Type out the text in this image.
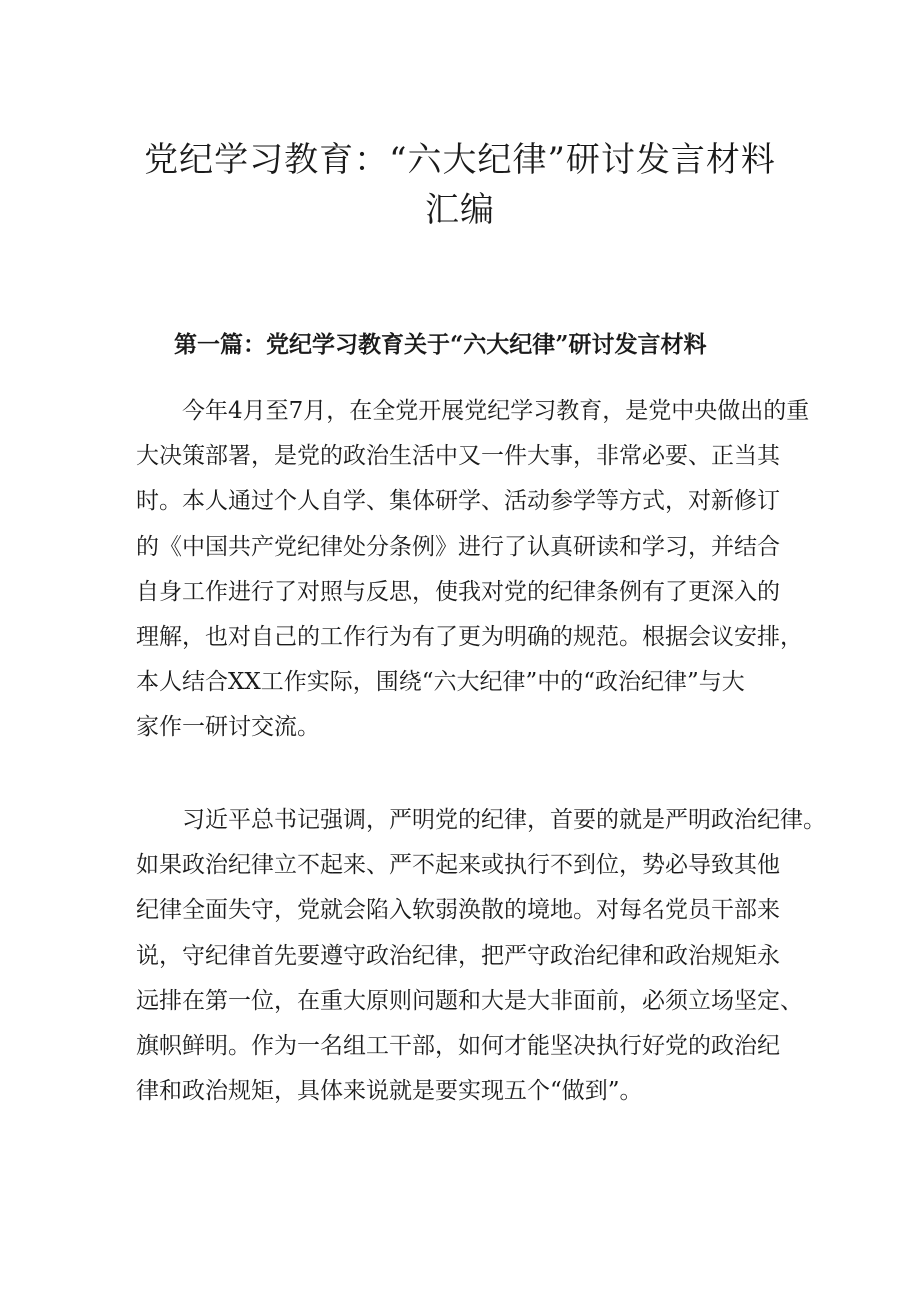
党纪学习教育：“六大纪律”研讨发言材料
汇编
第一篇：党纪学习教育关于“六大纪律”研讨发言材料

今年4月至7月，在全党开展党纪学习教育，是党中央做出的重
大决策部署，是党的政治生活中又一件大事，非常必要、正当其
时。本人通过个人自学、集体研学、活动参学等方式，对新修订
的《中国共产党纪律处分条例》进行了认真研读和学习，并结合
自身工作进行了对照与反思，使我对党的纪律条例有了更深入的
理解，也对自己的工作行为有了更为明确的规范。根据会议安排，
本人结合XX工作实际，围绕“六大纪律”中的“政治纪律”与大
家作一研讨交流。

习近平总书记强调，严明党的纪律，首要的就是严明政治纪律。
如果政治纪律立不起来、严不起来或执行不到位，势必导致其他
纪律全面失守，党就会陷入软弱涣散的境地。对每名党员干部来
说，守纪律首先要遵守政治纪律，把严守政治纪律和政治规矩永
远排在第一位，在重大原则问题和大是大非面前，必须立场坚定、
旗帜鲜明。作为一名组工干部，如何才能坚决执行好党的政治纪
律和政治规矩，具体来说就是要实现五个“做到”。
